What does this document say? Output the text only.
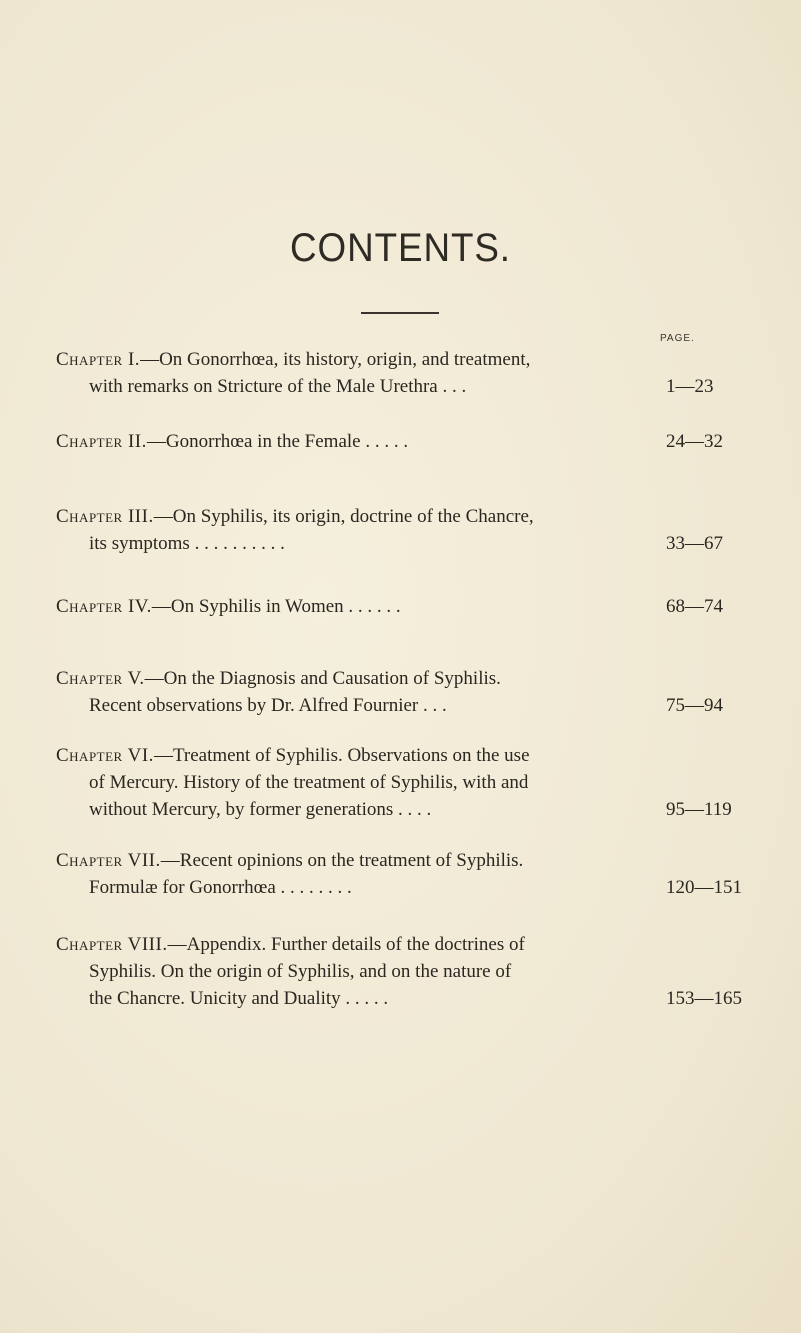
CONTENTS.
PAGE.
Chapter I.—On Gonorrhœa, its history, origin, and treatment,
with remarks on Stricture of the Male Urethra . . .	1—23
Chapter II.—Gonorrhœa in the Female . . . . .	24—32
Chapter III.—On Syphilis, its origin, doctrine of the Chancre,
its symptoms . . . . . . . . . .	33—67
Chapter IV.—On Syphilis in Women . . . . . .	68—74
Chapter V.—On the Diagnosis and Causation of Syphilis.
Recent observations by Dr. Alfred Fournier . . .	75—94
Chapter VI.—Treatment of Syphilis. Observations on the use
of Mercury. History of the treatment of Syphilis, with and
without Mercury, by former generations . . . .	95—119
Chapter VII.—Recent opinions on the treatment of Syphilis.
Formulæ for Gonorrhœa . . . . . . . .	120—151
Chapter VIII.—Appendix. Further details of the doctrines of
Syphilis. On the origin of Syphilis, and on the nature of
the Chancre. Unicity and Duality . . . . .	153—165
